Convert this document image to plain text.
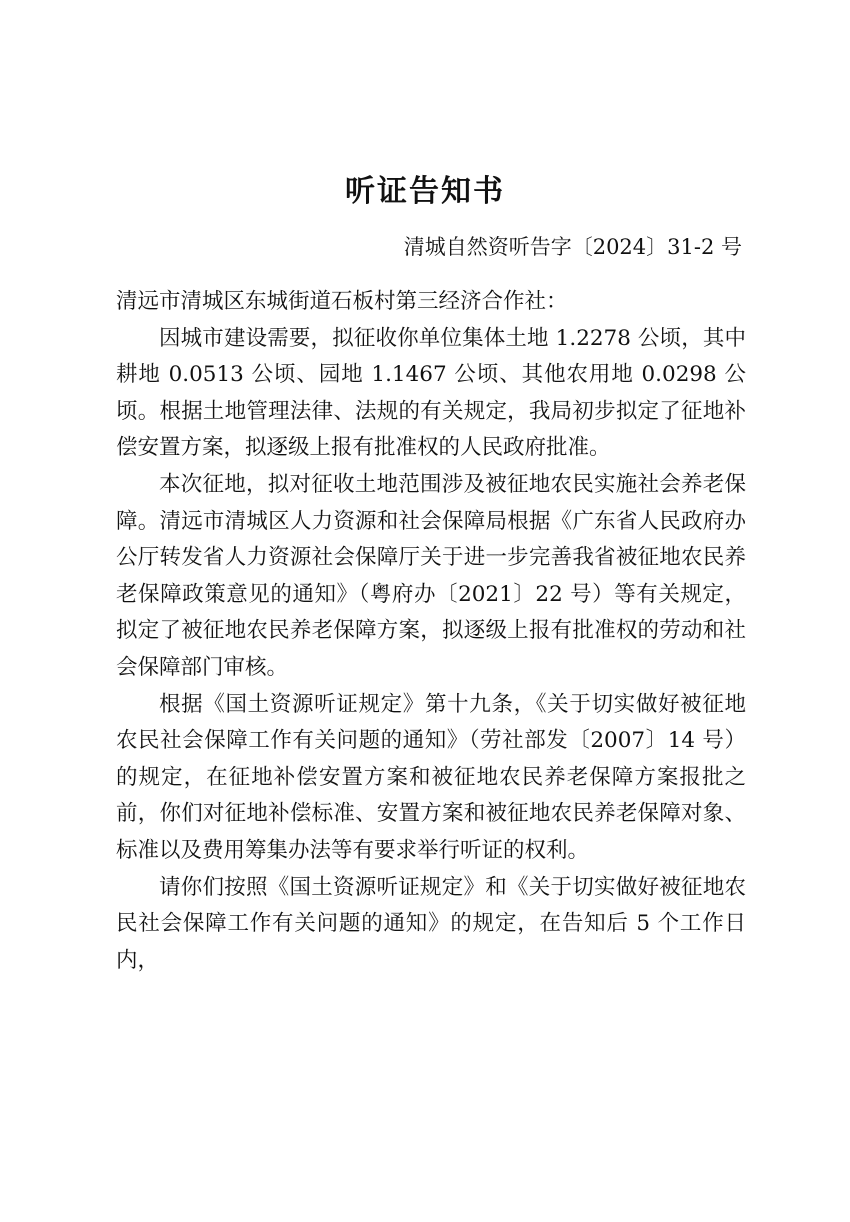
听证告知书
清城自然资听告字〔2024〕31-2 号

清远市清城区东城街道石板村第三经济合作社：

因城市建设需要，拟征收你单位集体土地 1.2278 公顷，其中耕地 0.0513 公顷、园地 1.1467 公顷、其他农用地 0.0298 公顷。根据土地管理法律、法规的有关规定，我局初步拟定了征地补偿安置方案，拟逐级上报有批准权的人民政府批准。

本次征地，拟对征收土地范围涉及被征地农民实施社会养老保障。清远市清城区人力资源和社会保障局根据《广东省人民政府办公厅转发省人力资源社会保障厅关于进一步完善我省被征地农民养老保障政策意见的通知》（粤府办〔2021〕22 号）等有关规定，拟定了被征地农民养老保障方案，拟逐级上报有批准权的劳动和社会保障部门审核。

根据《国土资源听证规定》第十九条，《关于切实做好被征地农民社会保障工作有关问题的通知》（劳社部发〔2007〕14 号）的规定，在征地补偿安置方案和被征地农民养老保障方案报批之前，你们对征地补偿标准、安置方案和被征地农民养老保障对象、标准以及费用筹集办法等有要求举行听证的权利。

请你们按照《国土资源听证规定》和《关于切实做好被征地农民社会保障工作有关问题的通知》的规定，在告知后 5 个工作日内，
